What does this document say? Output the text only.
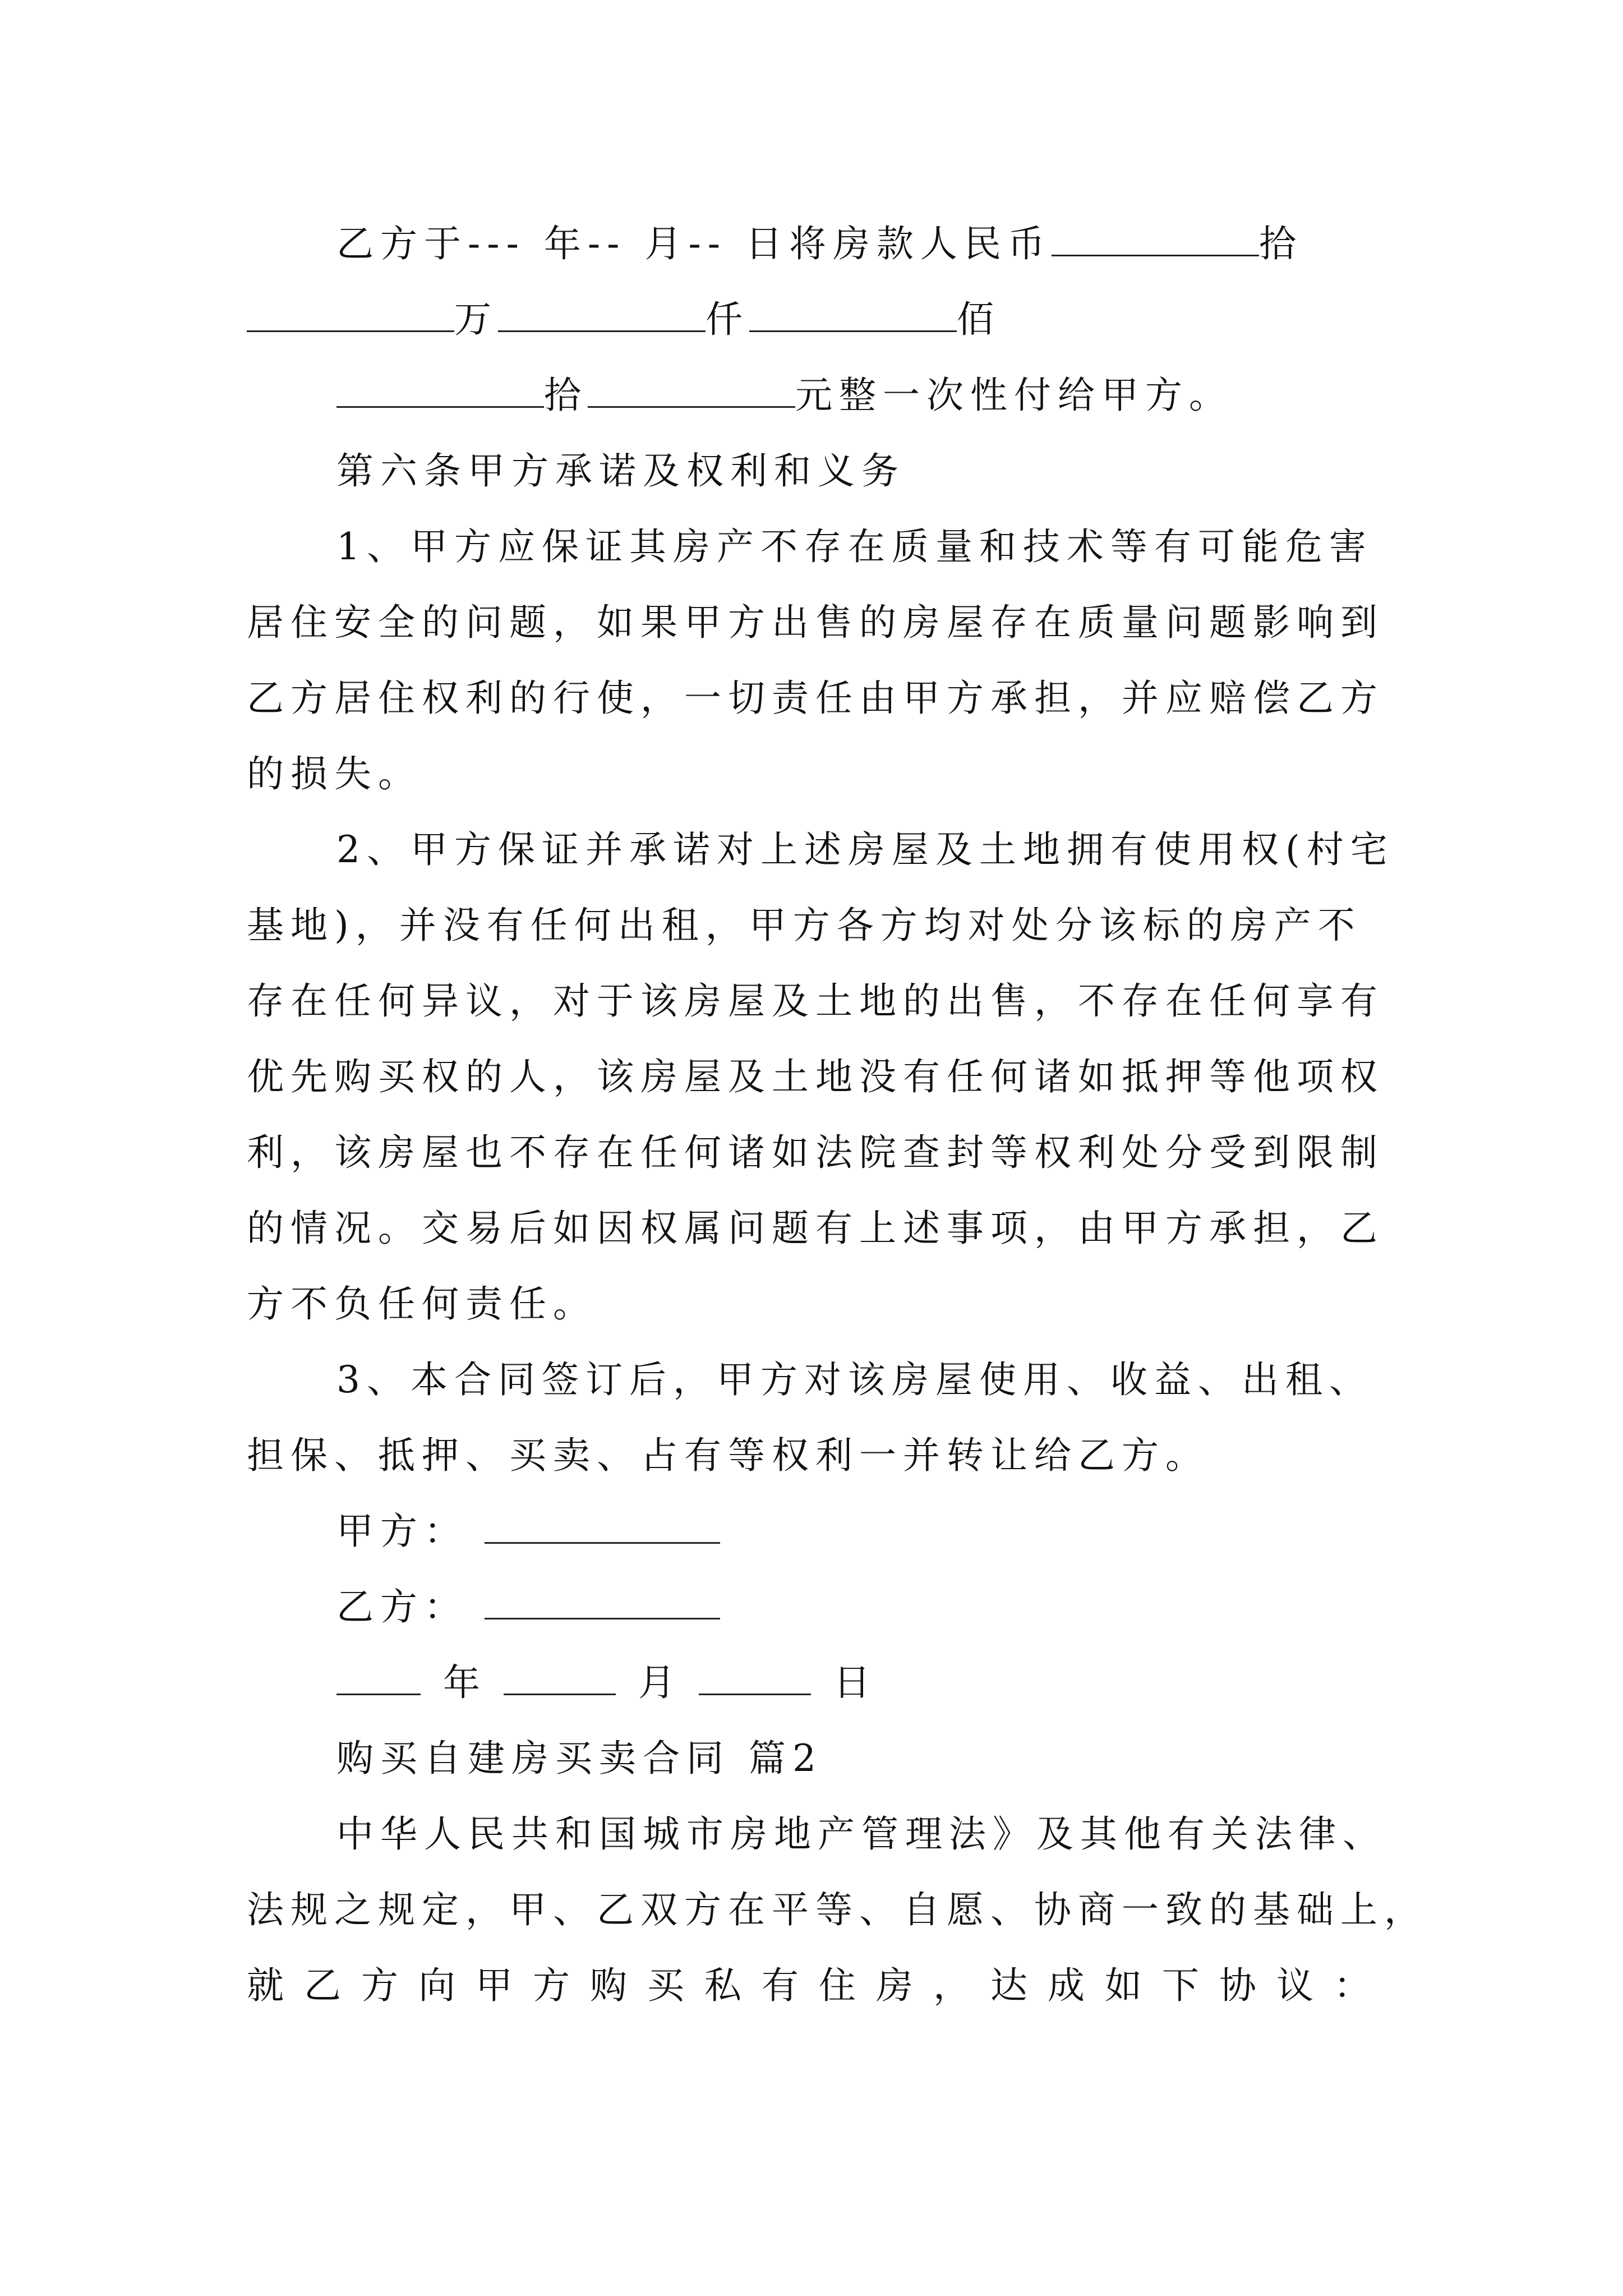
乙方于--- 年-- 月-- 日将房款人民币	拾
万	仟	佰
拾	元整一次性付给甲方。
第六条甲方承诺及权利和义务
1、甲方应保证其房产不存在质量和技术等有可能危害
居住安全的问题，如果甲方出售的房屋存在质量问题影响到
乙方居住权利的行使，一切责任由甲方承担，并应赔偿乙方
的损失。
2、甲方保证并承诺对上述房屋及土地拥有使用权(村宅
基地)，并没有任何出租，甲方各方均对处分该标的房产不
存在任何异议，对于该房屋及土地的出售，不存在任何享有
优先购买权的人，该房屋及土地没有任何诸如抵押等他项权
利，该房屋也不存在任何诸如法院查封等权利处分受到限制
的情况。交易后如因权属问题有上述事项，由甲方承担，乙
方不负任何责任。
3、本合同签订后，甲方对该房屋使用、收益、出租、
担保、抵押、买卖、占有等权利一并转让给乙方。
甲方：
乙方：
年	月	日
购买自建房买卖合同 篇2
中华人民共和国城市房地产管理法》及其他有关法律、
法规之规定，甲、乙双方在平等、自愿、协商一致的基础上，
就乙方向甲方购买私有住房，达成如下协议：
